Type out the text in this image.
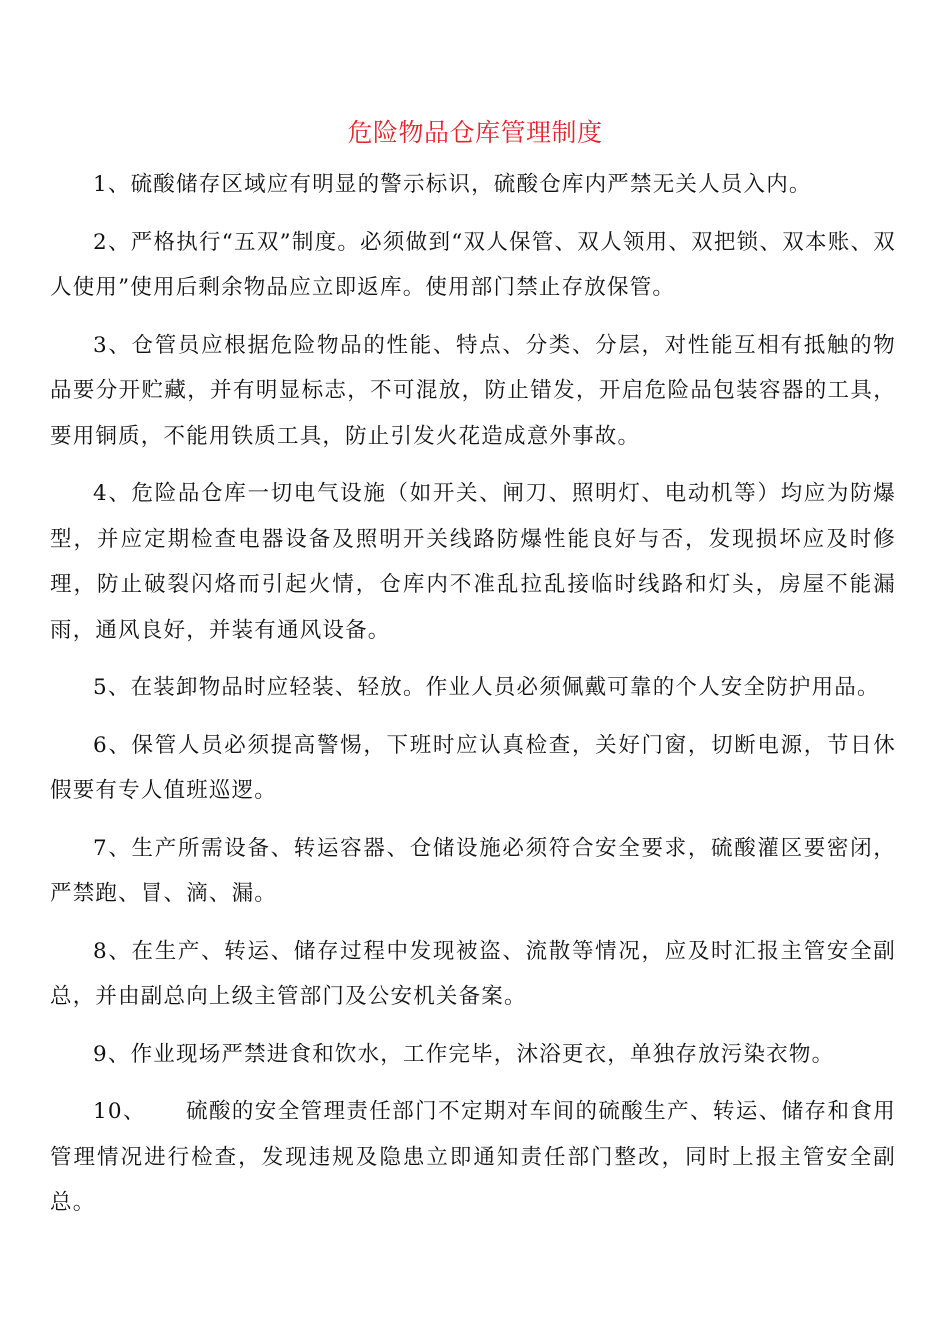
危险物品仓库管理制度

1、硫酸储存区域应有明显的警示标识，硫酸仓库内严禁无关人员入内。

2、严格执行“五双”制度。必须做到“双人保管、双人领用、双把锁、双本账、双人使用”使用后剩余物品应立即返库。使用部门禁止存放保管。

3、仓管员应根据危险物品的性能、特点、分类、分层，对性能互相有抵触的物品要分开贮藏，并有明显标志，不可混放，防止错发，开启危险品包装容器的工具，要用铜质，不能用铁质工具，防止引发火花造成意外事故。

4、危险品仓库一切电气设施（如开关、闸刀、照明灯、电动机等）均应为防爆型，并应定期检查电器设备及照明开关线路防爆性能良好与否，发现损坏应及时修理，防止破裂闪烙而引起火情，仓库内不准乱拉乱接临时线路和灯头，房屋不能漏雨，通风良好，并装有通风设备。

5、在装卸物品时应轻装、轻放。作业人员必须佩戴可靠的个人安全防护用品。

6、保管人员必须提高警惕，下班时应认真检查，关好门窗，切断电源，节日休假要有专人值班巡逻。

7、生产所需设备、转运容器、仓储设施必须符合安全要求，硫酸灌区要密闭，严禁跑、冒、滴、漏。

8、在生产、转运、储存过程中发现被盗、流散等情况，应及时汇报主管安全副总，并由副总向上级主管部门及公安机关备案。

9、作业现场严禁进食和饮水，工作完毕，沐浴更衣，单独存放污染衣物。

10、 硫酸的安全管理责任部门不定期对车间的硫酸生产、转运、储存和食用管理情况进行检查，发现违规及隐患立即通知责任部门整改，同时上报主管安全副总。
